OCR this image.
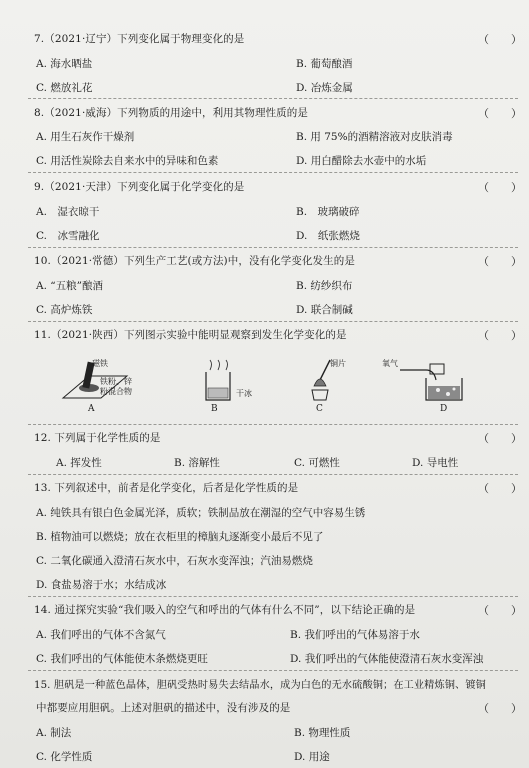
7.（2021·辽宁）下列变化属于物理变化的是	（　　）
A. 海水晒盐	B. 葡萄酿酒
C. 燃放礼花	D. 冶炼金属
8.（2021·威海）下列物质的用途中，利用其物理性质的是	（　　）
A. 用生石灰作干燥剂	B. 用 75%的酒精溶液对皮肤消毒
C. 用活性炭除去自来水中的异味和色素	D. 用白醋除去水壶中的水垢
9.（2021·天津）下列变化属于化学变化的是	（　　）
A.　湿衣晾干	B.　玻璃破碎
C.　冰雪融化	D.　纸张燃烧
10.（2021·常德）下列生产工艺(或方法)中，没有化学变化发生的是	（　　）
A. “五粮”酿酒	B. 纺纱织布
C. 高炉炼铁	D. 联合制碱
11.（2021·陕西）下列图示实验中能明显观察到发生化学变化的是	（　　）
磁铁
铁粉、锌
粉混合物
A
干冰
B
铜片
C
氧气
D
12. 下列属于化学性质的是	（　　）
A. 挥发性	B. 溶解性	C. 可燃性	D. 导电性
13. 下列叙述中，前者是化学变化，后者是化学性质的是	（　　）
A. 纯铁具有银白色金属光泽，质软；铁制品放在潮湿的空气中容易生锈
B. 植物油可以燃烧；放在衣柜里的樟脑丸逐渐变小最后不见了
C. 二氧化碳通入澄清石灰水中，石灰水变浑浊；汽油易燃烧
D. 食盐易溶于水；水结成冰
14. 通过探究实验“我们吸入的空气和呼出的气体有什么不同”，以下结论正确的是	（　　）
A. 我们呼出的气体不含氮气	B. 我们呼出的气体易溶于水
C. 我们呼出的气体能使木条燃烧更旺	D. 我们呼出的气体能使澄清石灰水变浑浊
15. 胆矾是一种蓝色晶体，胆矾受热时易失去结晶水，成为白色的无水硫酸铜；在工业精炼铜、镀铜
中都要应用胆矾。上述对胆矾的描述中，没有涉及的是	（　　）
A. 制法	B. 物理性质
C. 化学性质	D. 用途
